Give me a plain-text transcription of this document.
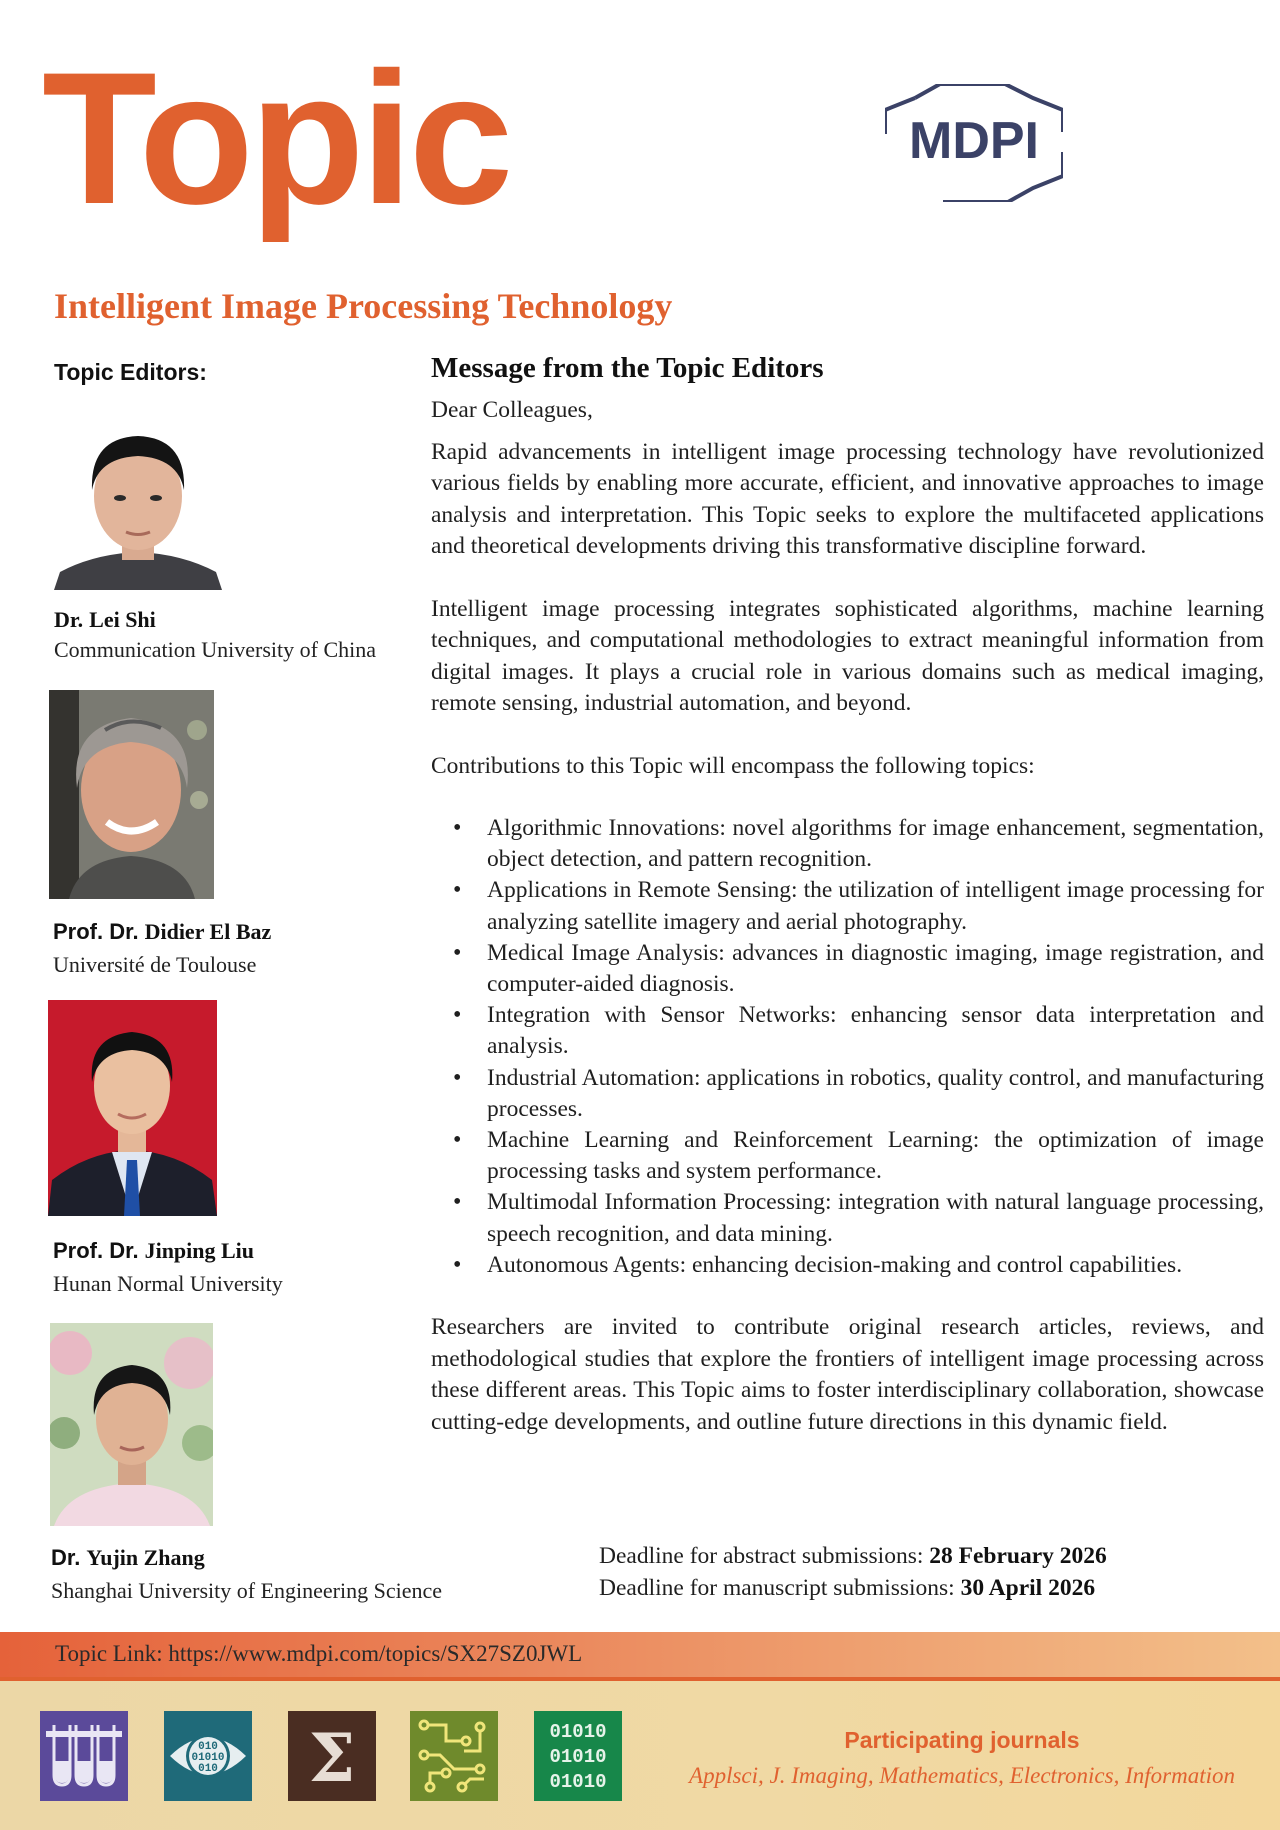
Topic	MDPI
Intelligent Image Processing Technology
Topic Editors:
Dr. Lei Shi
Communication University of China
Prof. Dr. Didier El Baz
Université de Toulouse
Prof. Dr. Jinping Liu
Hunan Normal University
Dr. Yujin Zhang
Shanghai University of Engineering Science
Message from the Topic Editors

Dear Colleagues,

Rapid advancements in intelligent image processing technology have revolutionized various fields by enabling more accurate, efficient, and innovative approaches to image analysis and interpretation. This Topic seeks to explore the multifaceted applications and theoretical developments driving this transformative discipline forward.

Intelligent image processing integrates sophisticated algorithms, machine learning techniques, and computational methodologies to extract meaningful information from digital images. It plays a crucial role in various domains such as medical imaging, remote sensing, industrial automation, and beyond.

Contributions to this Topic will encompass the following topics:

• Algorithmic Innovations: novel algorithms for image enhancement, segmentation, object detection, and pattern recognition.
• Applications in Remote Sensing: the utilization of intelligent image processing for analyzing satellite imagery and aerial photography.
• Medical Image Analysis: advances in diagnostic imaging, image registration, and computer-aided diagnosis.
• Integration with Sensor Networks: enhancing sensor data interpretation and analysis.
• Industrial Automation: applications in robotics, quality control, and manufacturing processes.
• Machine Learning and Reinforcement Learning: the optimization of image processing tasks and system performance.
• Multimodal Information Processing: integration with natural language processing, speech recognition, and data mining.
• Autonomous Agents: enhancing decision-making and control capabilities.

Researchers are invited to contribute original research articles, reviews, and methodological studies that explore the frontiers of intelligent image processing across these different areas. This Topic aims to foster interdisciplinary collaboration, showcase cutting-edge developments, and outline future directions in this dynamic field.

Deadline for abstract submissions: 28 February 2026
Deadline for manuscript submissions: 30 April 2026
Topic Link: https://www.mdpi.com/topics/SX27SZ0JWL
010
01010
010 Σ	01010
01010
01010
Participating journals
Applsci, J. Imaging, Mathematics, Electronics, Information
